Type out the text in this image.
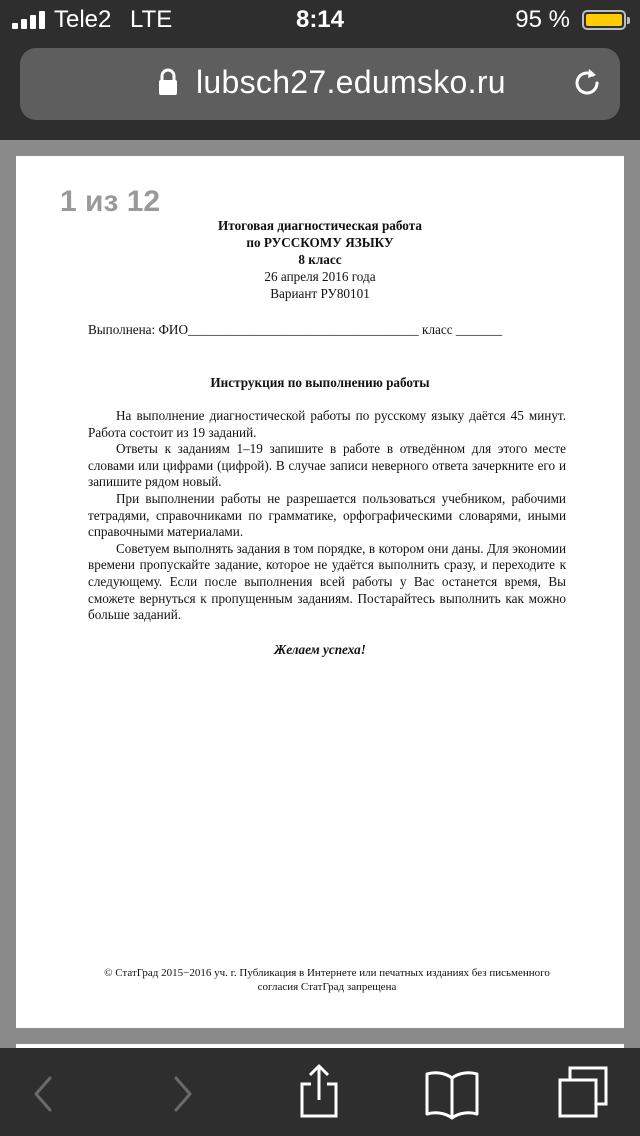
Tele2 LTE	8:14	95 %
lubsch27.edumsko.ru
1 из 12
Итоговая диагностическая работа
по РУССКОМУ ЯЗЫКУ
8 класс
26 апреля 2016 года
Вариант РУ80101
Выполнена: ФИО___________________________________ класс _______
Инструкция по выполнению работы

На выполнение диагностической работы по русскому языку даётся 45 минут. Работа состоит из 19 заданий.

Ответы к заданиям 1–19 запишите в работе в отведённом для этого месте словами или цифрами (цифрой). В случае записи неверного ответа зачеркните его и запишите рядом новый.

При выполнении работы не разрешается пользоваться учебником, рабочими тетрадями, справочниками по грамматике, орфографическими словарями, иными справочными материалами.

Советуем выполнять задания в том порядке, в котором они даны. Для экономии времени пропускайте задание, которое не удаётся выполнить сразу, и переходите к следующему. Если после выполнения всей работы у Вас останется время, Вы сможете вернуться к пропущенным заданиям. Постарайтесь выполнить как можно больше заданий.

Желаем успеха!
© СтатГрад 2015−2016 уч. г. Публикация в Интернете или печатных изданиях без письменного
согласия СтатГрад запрещена
